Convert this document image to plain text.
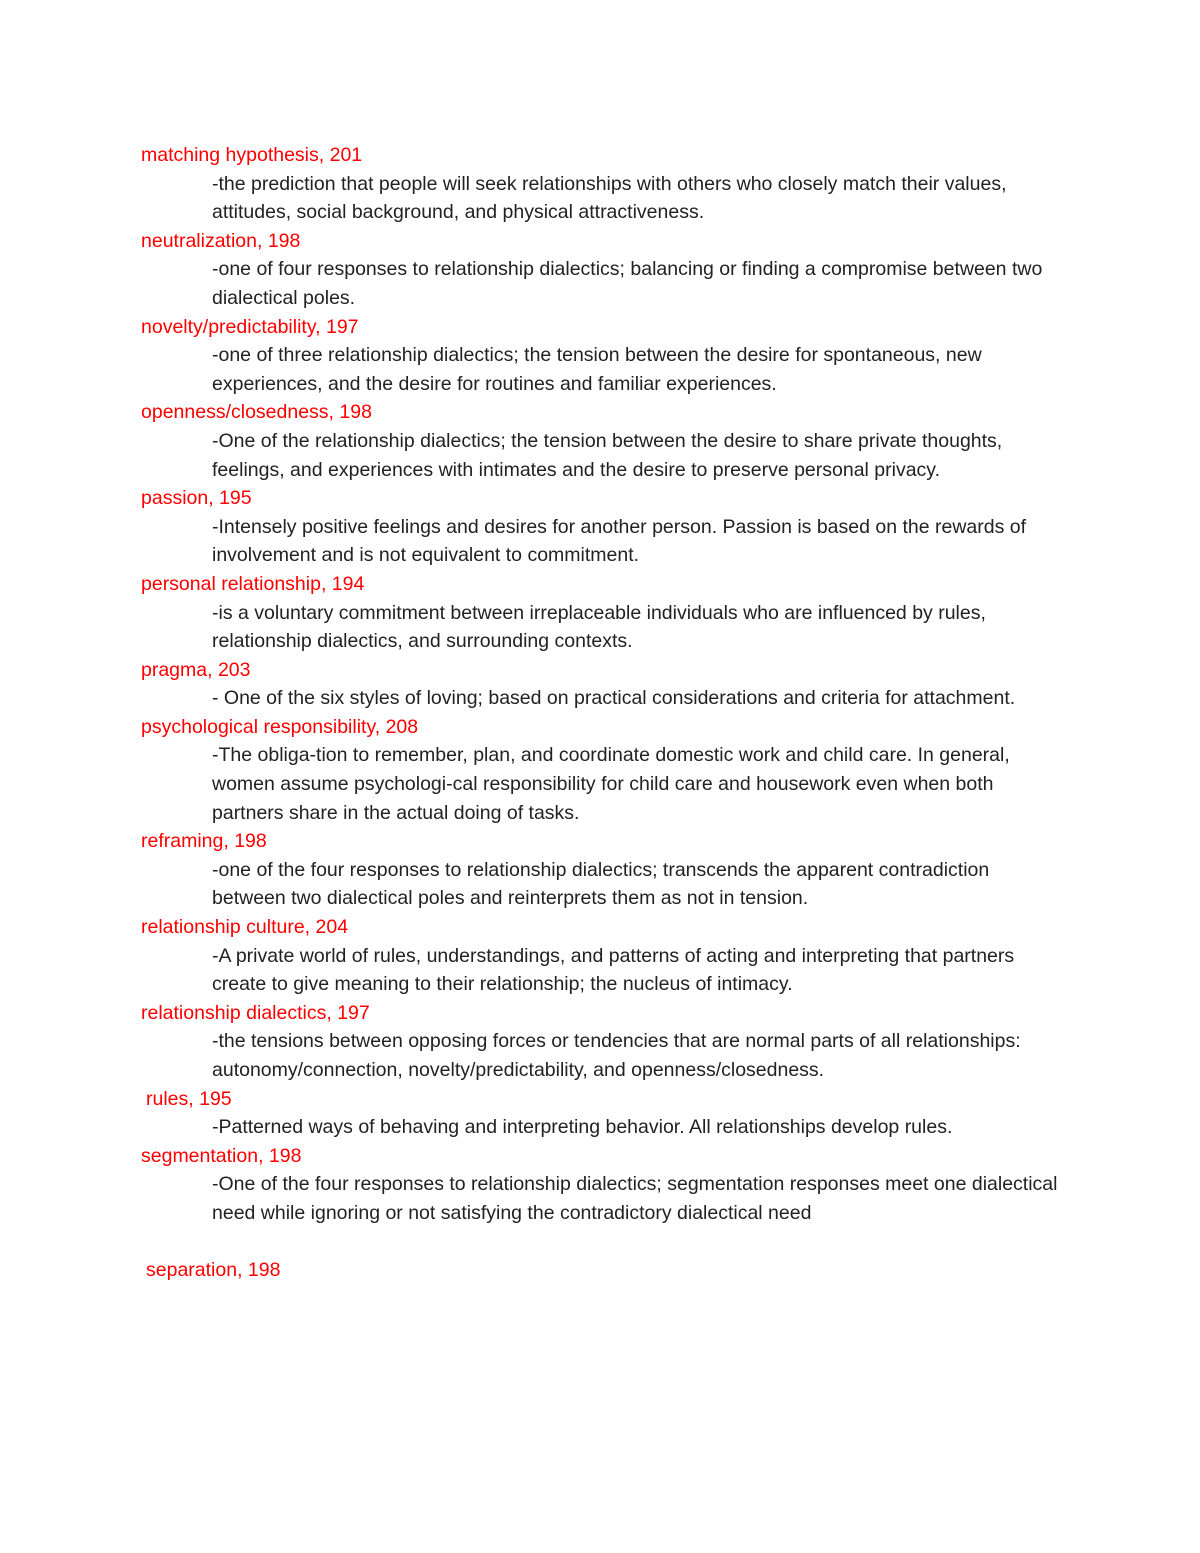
matching hypothesis, 201
-the prediction that people will seek relationships with others who closely match their values, attitudes, social background, and physical attractiveness.
neutralization, 198
-one of four responses to relationship dialectics; balancing or finding a compromise between two dialectical poles.
novelty/predictability, 197
-one of three relationship dialectics; the tension between the desire for spontaneous, new experiences, and the desire for routines and familiar experiences.
openness/closedness, 198
-One of the relationship dialectics; the tension between the desire to share private thoughts, feelings, and experiences with intimates and the desire to preserve personal privacy.
passion, 195
-Intensely positive feelings and desires for another person. Passion is based on the rewards of involvement and is not equivalent to commitment.
personal relationship, 194
-is a voluntary commitment between irreplaceable individuals who are influenced by rules, relationship dialectics, and surrounding contexts.
pragma, 203
- One of the six styles of loving; based on practical considerations and criteria for attachment.
psychological responsibility, 208
-The obliga-tion to remember, plan, and coordinate domestic work and child care. In general, women assume psychologi-cal responsibility for child care and housework even when both partners share in the actual doing of tasks.
reframing, 198
-one of the four responses to relationship dialectics; transcends the apparent contradiction between two dialectical poles and reinterprets them as not in tension.
relationship culture, 204
-A private world of rules, understandings, and patterns of acting and interpreting that partners create to give meaning to their relationship; the nucleus of intimacy.
relationship dialectics, 197
-the tensions between opposing forces or tendencies that are normal parts of all relationships: autonomy/connection, novelty/predictability, and openness/closedness.
rules, 195
-Patterned ways of behaving and interpreting behavior. All relationships develop rules.
segmentation, 198
-One of the four responses to relationship dialectics; segmentation responses meet one dialectical need while ignoring or not satisfying the contradictory dialectical need
separation, 198
